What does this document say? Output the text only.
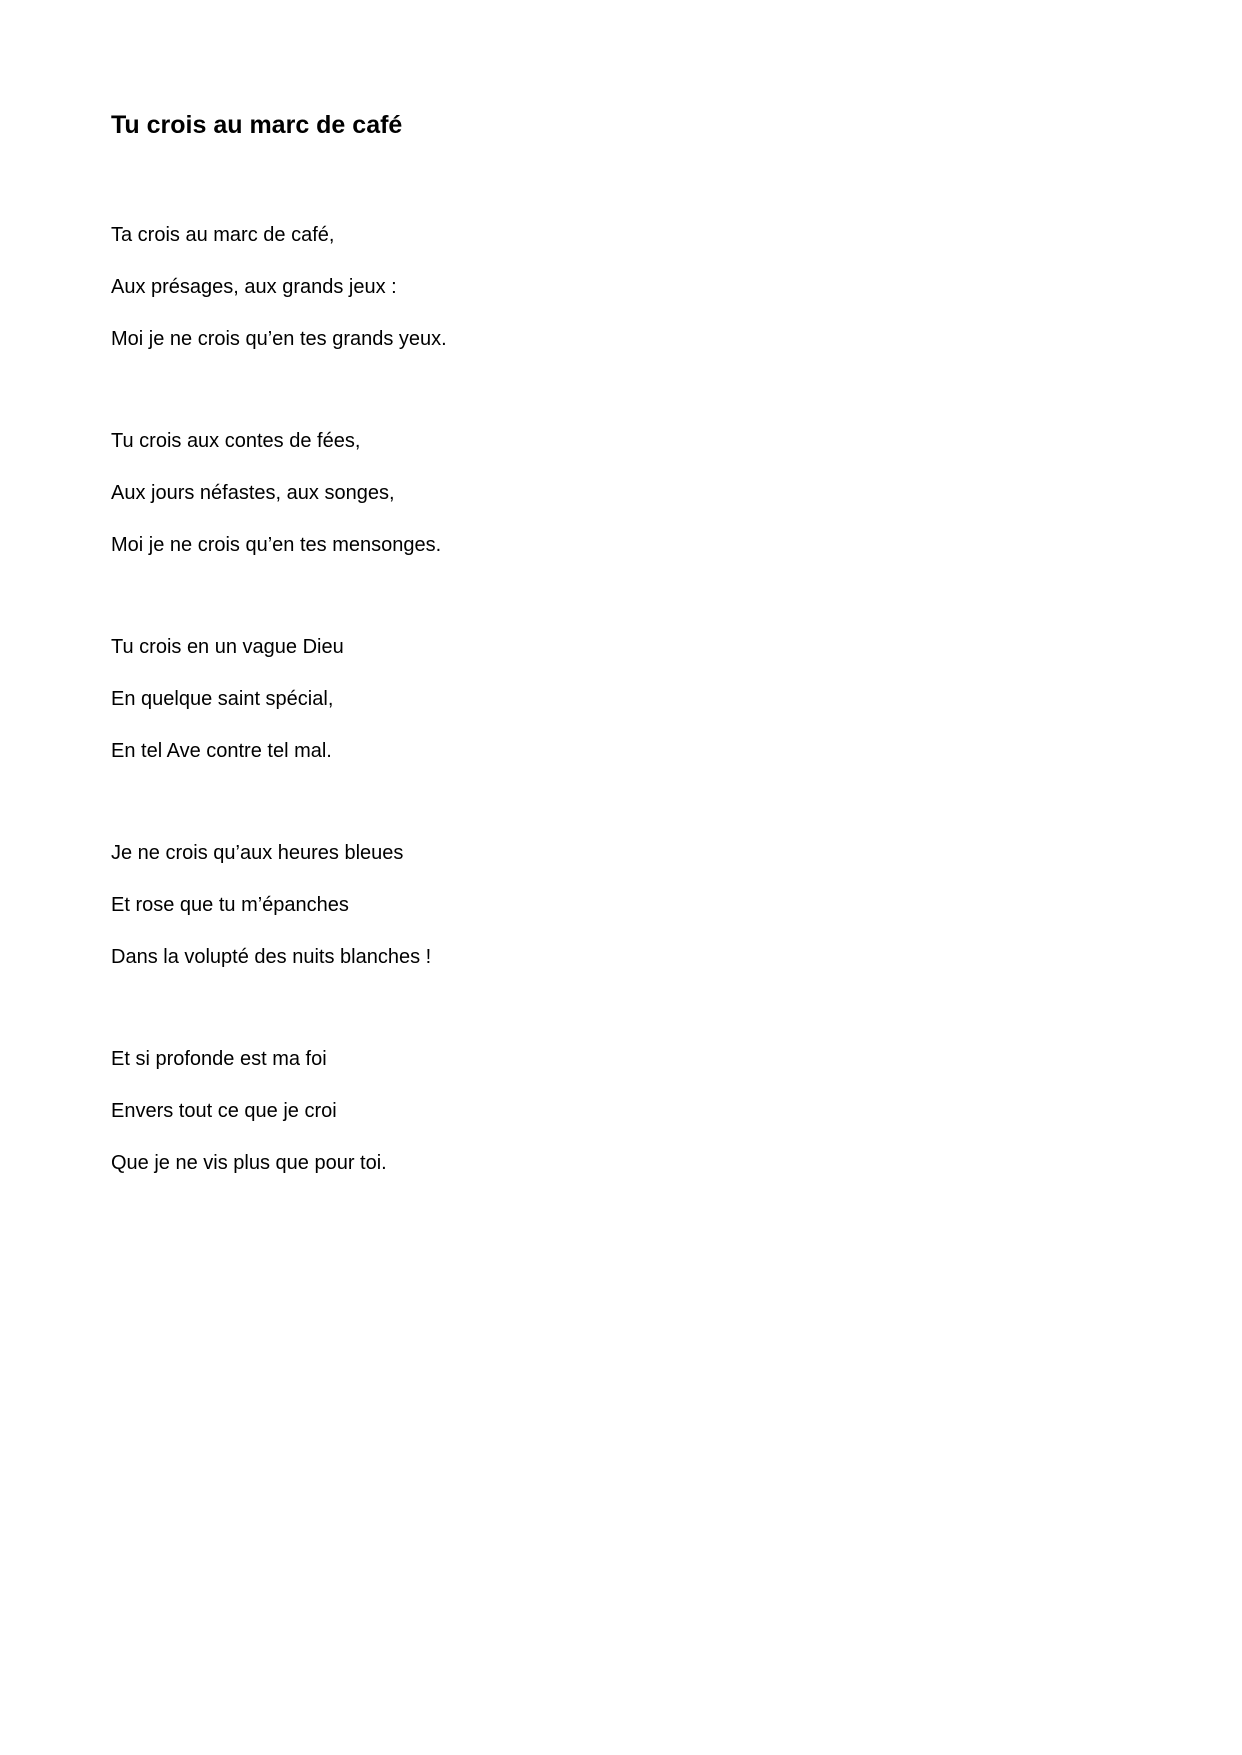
Tu crois au marc de café

Ta crois au marc de café,

Aux présages, aux grands jeux :

Moi je ne crois qu’en tes grands yeux.

Tu crois aux contes de fées,

Aux jours néfastes, aux songes,

Moi je ne crois qu’en tes mensonges.

Tu crois en un vague Dieu

En quelque saint spécial,

En tel Ave contre tel mal.

Je ne crois qu’aux heures bleues

Et rose que tu m’épanches

Dans la volupté des nuits blanches !

Et si profonde est ma foi

Envers tout ce que je croi

Que je ne vis plus que pour toi.
